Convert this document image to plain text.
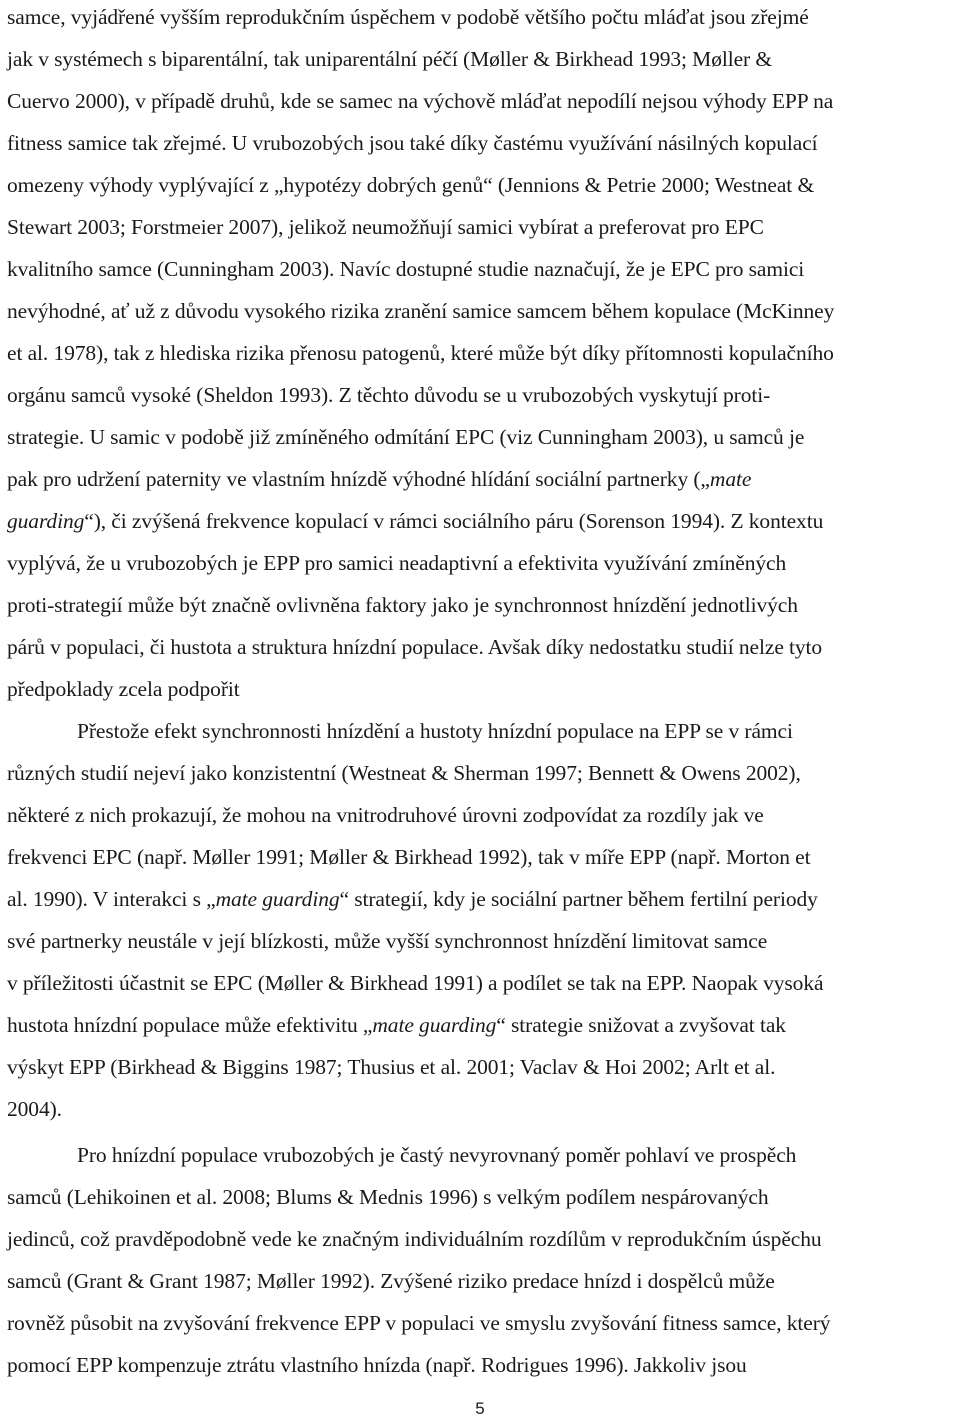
samce, vyjádřené vyšším reprodukčním úspěchem v podobě většího počtu mláďat jsou zřejmé
jak v systémech s biparentální, tak uniparentální péčí (Møller & Birkhead 1993; Møller &
Cuervo 2000), v případě druhů, kde se samec na výchově mláďat nepodílí nejsou výhody EPP na
fitness samice tak zřejmé. U vrubozobých jsou také díky častému využívání násilných kopulací
omezeny výhody vyplývající z „hypotézy dobrých genů“ (Jennions & Petrie 2000; Westneat &
Stewart 2003; Forstmeier 2007), jelikož neumožňují samici vybírat a preferovat pro EPC
kvalitního samce (Cunningham 2003). Navíc dostupné studie naznačují, že je EPC pro samici
nevýhodné, ať už z důvodu vysokého rizika zranění samice samcem během kopulace (McKinney
et al. 1978), tak z hlediska rizika přenosu patogenů, které může být díky přítomnosti kopulačního
orgánu samců vysoké (Sheldon 1993). Z těchto důvodu se u vrubozobých vyskytují proti-
strategie. U samic v podobě již zmíněného odmítání EPC (viz Cunningham 2003), u samců je
pak pro udržení paternity ve vlastním hnízdě výhodné hlídání sociální partnerky („mate
guarding“), či zvýšená frekvence kopulací v rámci sociálního páru (Sorenson 1994). Z kontextu
vyplývá, že u vrubozobých je EPP pro samici neadaptivní a efektivita využívání zmíněných
proti-strategií může být značně ovlivněna faktory jako je synchronnost hnízdění jednotlivých
párů v populaci, či hustota a struktura hnízdní populace. Avšak díky nedostatku studií nelze tyto
předpoklady zcela podpořit
Přestože efekt synchronnosti hnízdění a hustoty hnízdní populace na EPP se v rámci
různých studií nejeví jako konzistentní (Westneat & Sherman 1997; Bennett & Owens 2002),
některé z nich prokazují, že mohou na vnitrodruhové úrovni zodpovídat za rozdíly jak ve
frekvenci EPC (např. Møller 1991; Møller & Birkhead 1992), tak v míře EPP (např. Morton et
al. 1990). V interakci s „mate guarding“ strategií, kdy je sociální partner během fertilní periody
své partnerky neustále v její blízkosti, může vyšší synchronnost hnízdění limitovat samce
v příležitosti účastnit se EPC (Møller & Birkhead 1991) a podílet se tak na EPP. Naopak vysoká
hustota hnízdní populace může efektivitu „mate guarding“ strategie snižovat a zvyšovat tak
výskyt EPP (Birkhead & Biggins 1987; Thusius et al. 2001; Vaclav & Hoi 2002; Arlt et al.
2004).
Pro hnízdní populace vrubozobých je častý nevyrovnaný poměr pohlaví ve prospěch
samců (Lehikoinen et al. 2008; Blums & Mednis 1996) s velkým podílem nespárovaných
jedinců, což pravděpodobně vede ke značným individuálním rozdílům v reprodukčním úspěchu
samců (Grant & Grant 1987; Møller 1992). Zvýšené riziko predace hnízd i dospělců může
rovněž působit na zvyšování frekvence EPP v populaci ve smyslu zvyšování fitness samce, který
pomocí EPP kompenzuje ztrátu vlastního hnízda (např. Rodrigues 1996). Jakkoliv jsou
5
